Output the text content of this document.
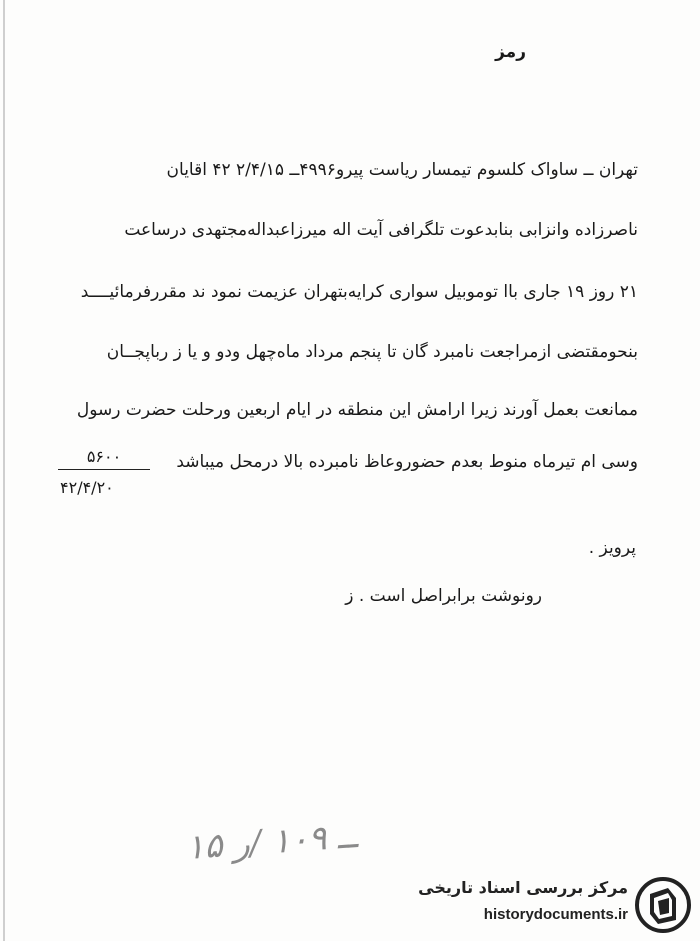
رمز
تهران ــ ساواک کلسوم تیمسار ریاست پیرو۴۹۹۶ــ ۲/۴/۱۵ ۴۲ اقایان
ناصرزاده وانزابی بنابدعوت تلگرافی آیت اله میرزاعبداله‌مجتهدی درساعت
۲۱ روز ۱۹ جاری باا توموبیل سواری کرایه‌بتهران عزیمت نمود ند مقررفرمائیــــد
بنحومقتضی ازمراجعت نامبرد گان تا پنجم مرداد ماه‌چهل ودو و یا ز رباپجــان
ممانعت بعمل آورند زیرا ارامش این منطقه در ایام اربعین ورحلت حضرت رسول
وسی ام تیرماه منوط بعدم حضوروعاظ نامبرده بالا درمحل میباشد
۵۶۰۰
۴۲/۴/۲۰
پرویز .
رونوشت برابراصل است . ز
۱۵ ــ ۱۰۹ /ر
مرکز بررسی اسناد تاریخی
historydocuments.ir
